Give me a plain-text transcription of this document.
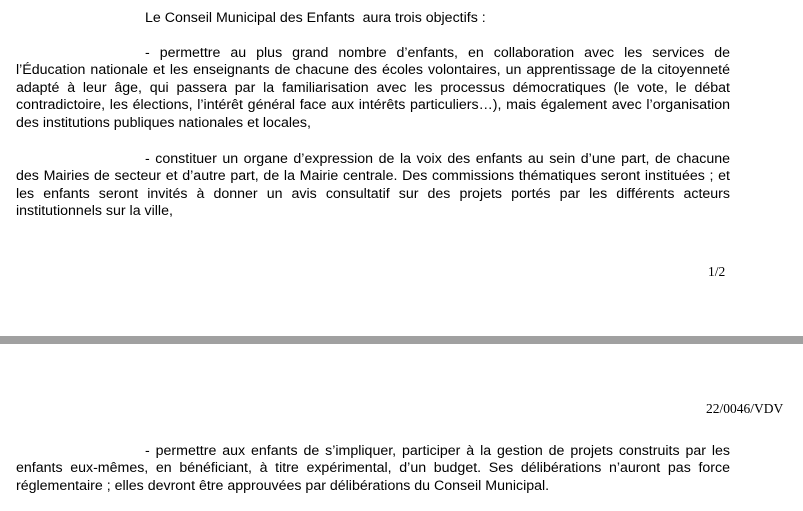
Le Conseil Municipal des Enfants  aura trois objectifs :

- permettre au plus grand nombre d’enfants, en collaboration avec les services de l’Éducation nationale et les enseignants de chacune des écoles volontaires, un apprentissage de la citoyenneté adapté à leur âge, qui passera par la familiarisation avec les processus démocratiques (le vote, le débat contradictoire, les élections, l’intérêt général face aux intérêts particuliers…), mais également avec l’organisation des institutions publiques nationales et locales,

- constituer un organe d’expression de la voix des enfants au sein d’une part, de chacune des Mairies de secteur et d’autre part, de la Mairie centrale. Des commissions thématiques seront instituées ; et les enfants seront invités à donner un avis consultatif sur des projets portés par les différents acteurs institutionnels sur la ville,

1/2
22/0046/VDV

- permettre aux enfants de s’impliquer, participer à la gestion de projets construits par les enfants eux-mêmes, en bénéficiant, à titre expérimental, d’un budget. Ses délibérations n’auront pas force réglementaire ; elles devront être approuvées par délibérations du Conseil Municipal.
